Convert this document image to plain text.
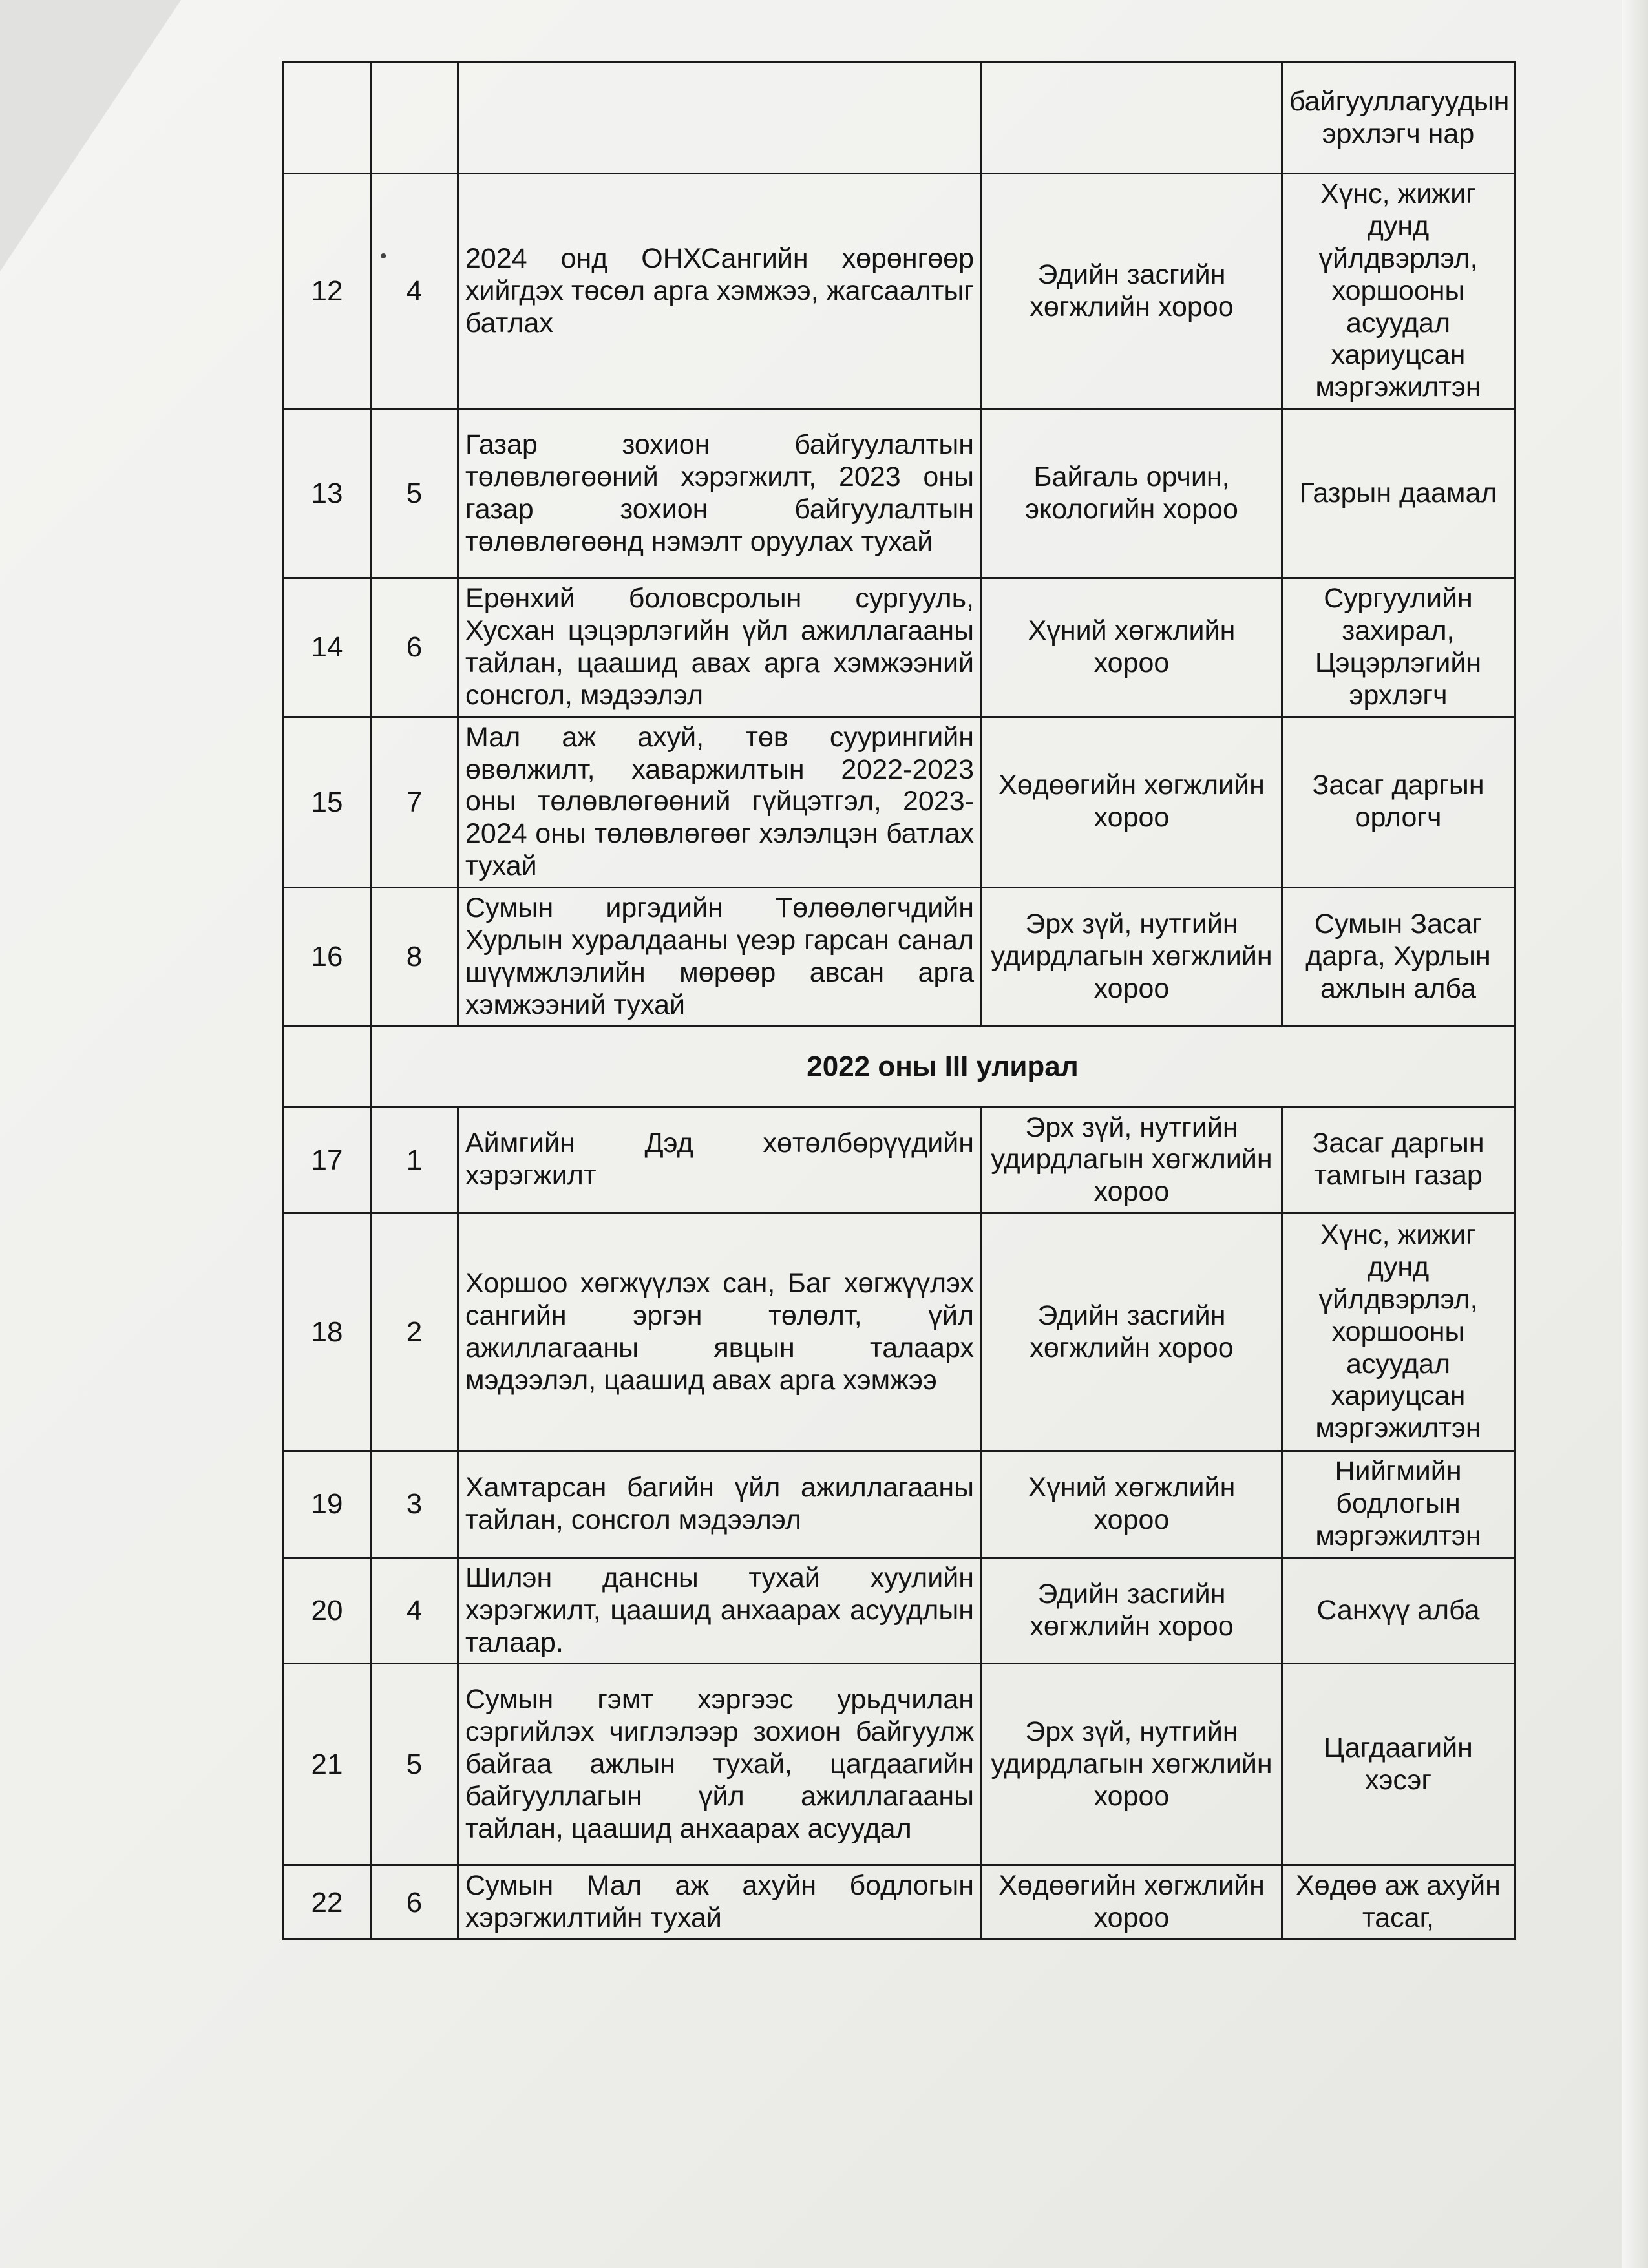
				байгууллагуудын эрхлэгч нар
12	4	2024 онд ОНХСангийн хөрөнгөөр хийгдэх төсөл арга хэмжээ, жагсаалтыг батлах	Эдийн засгийн хөгжлийн хороо	Хүнс, жижиг дунд үйлдвэрлэл, хоршооны асуудал хариуцсан мэргэжилтэн
13	5	Газар зохион байгуулалтын төлөвлөгөөний хэрэгжилт, 2023 оны газар зохион байгуулалтын төлөвлөгөөнд нэмэлт оруулах тухай	Байгаль орчин, экологийн хороо	Газрын даамал
14	6	Ерөнхий боловсролын сургууль, Хусхан цэцэрлэгийн үйл ажиллагааны тайлан, цаашид авах арга хэмжээний сонсгол, мэдээлэл	Хүний хөгжлийн хороо	Сургуулийн захирал, Цэцэрлэгийн эрхлэгч
15	7	Мал аж ахуй, төв суурингийн өвөлжилт, хаваржилтын 2022-2023 оны төлөвлөгөөний гүйцэтгэл, 2023-2024 оны төлөвлөгөөг хэлэлцэн батлах тухай	Хөдөөгийн хөгжлийн хороо	Засаг даргын орлогч
16	8	Сумын иргэдийн Төлөөлөгчдийн Хурлын хуралдааны үеэр гарсан санал шүүмжлэлийн мөрөөр авсан арга хэмжээний тухай	Эрх зүй, нутгийн удирдлагын хөгжлийн хороо	Сумын Засаг дарга, Хурлын ажлын алба
	2022 оны III улирал			
17	1	Аймгийн Дэд хөтөлбөрүүдийн хэрэгжилт	Эрх зүй, нутгийн удирдлагын хөгжлийн хороо	Засаг даргын тамгын газар
18	2	Хоршоо хөгжүүлэх сан, Баг хөгжүүлэх сангийн эргэн төлөлт, үйл ажиллагааны явцын талаарх мэдээлэл, цаашид авах арга хэмжээ	Эдийн засгийн хөгжлийн хороо	Хүнс, жижиг дунд үйлдвэрлэл, хоршооны асуудал хариуцсан мэргэжилтэн
19	3	Хамтарсан багийн үйл ажиллагааны тайлан, сонсгол мэдээлэл	Хүний хөгжлийн хороо	Нийгмийн бодлогын мэргэжилтэн
20	4	Шилэн дансны тухай хуулийн хэрэгжилт, цаашид анхаарах асуудлын талаар.	Эдийн засгийн хөгжлийн хороо	Санхүү алба
21	5	Сумын гэмт хэргээс урьдчилан сэргийлэх чиглэлээр зохион байгуулж байгаа ажлын тухай, цагдаагийн байгууллагын үйл ажиллагааны тайлан, цаашид анхаарах асуудал	Эрх зүй, нутгийн удирдлагын хөгжлийн хороо	Цагдаагийн хэсэг
22	6	Сумын Мал аж ахуйн бодлогын хэрэгжилтийн тухай	Хөдөөгийн хөгжлийн хороо	Хөдөө аж ахуйн тасаг,
•
